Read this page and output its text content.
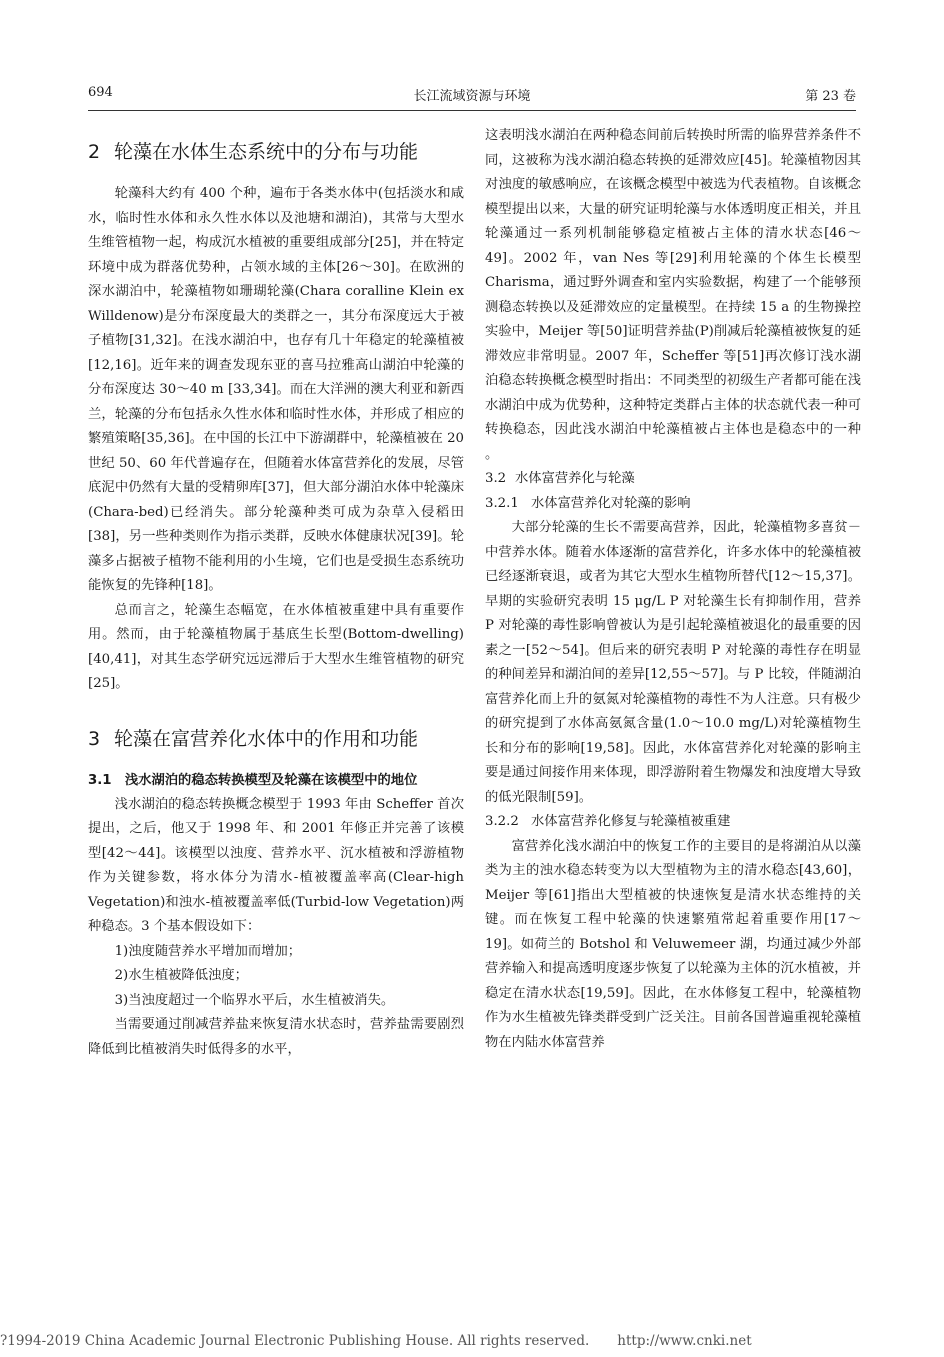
694	长江流域资源与环境	第 23 卷
2 轮藻在水体生态系统中的分布与功能

轮藻科大约有 400 个种，遍布于各类水体中(包括淡水和咸水，临时性水体和永久性水体以及池塘和湖泊)，其常与大型水生维管植物一起，构成沉水植被的重要组成部分[25]，并在特定环境中成为群落优势种，占领水域的主体[26～30]。在欧洲的深水湖泊中，轮藻植物如珊瑚轮藻(Chara coralline Klein ex Willdenow)是分布深度最大的类群之一，其分布深度远大于被子植物[31,32]。在浅水湖泊中，也存有几十年稳定的轮藻植被[12,16]。近年来的调查发现东亚的喜马拉雅高山湖泊中轮藻的分布深度达 30～40 m [33,34]。而在大洋洲的澳大利亚和新西兰，轮藻的分布包括永久性水体和临时性水体，并形成了相应的繁殖策略[35,36]。在中国的长江中下游湖群中，轮藻植被在 20 世纪 50、60 年代普遍存在，但随着水体富营养化的发展，尽管底泥中仍然有大量的受精卵库[37]，但大部分湖泊水体中轮藻床(Chara-bed)已经消失。部分轮藻种类可成为杂草入侵稻田[38]，另一些种类则作为指示类群，反映水体健康状况[39]。轮藻多占据被子植物不能利用的小生境，它们也是受损生态系统功能恢复的先锋种[18]。

总而言之，轮藻生态幅宽，在水体植被重建中具有重要作用。然而，由于轮藻植物属于基底生长型(Bottom-dwelling)[40,41]，对其生态学研究远远滞后于大型水生维管植物的研究[25]。

3 轮藻在富营养化水体中的作用和功能
3.1　浅水湖泊的稳态转换模型及轮藻在该模型中的地位

浅水湖泊的稳态转换概念模型于 1993 年由 Scheffer 首次提出，之后，他又于 1998 年、和 2001 年修正并完善了该模型[42～44]。该模型以浊度、营养水平、沉水植被和浮游植物作为关键参数，将水体分为清水-植被覆盖率高(Clear-high Vegetation)和浊水-植被覆盖率低(Turbid-low Vegetation)两种稳态。3 个基本假设如下：

1)浊度随营养水平增加而增加；

2)水生植被降低浊度；

3)当浊度超过一个临界水平后，水生植被消失。

当需要通过削减营养盐来恢复清水状态时，营养盐需要剧烈降低到比植被消失时低得多的水平，

这表明浅水湖泊在两种稳态间前后转换时所需的临界营养条件不同，这被称为浅水湖泊稳态转换的延滞效应[45]。轮藻植物因其对浊度的敏感响应，在该概念模型中被选为代表植物。自该概念模型提出以来，大量的研究证明轮藻与水体透明度正相关，并且轮藻通过一系列机制能够稳定植被占主体的清水状态[46～49]。2002 年，van Nes 等[29]利用轮藻的个体生长模型 Charisma，通过野外调查和室内实验数据，构建了一个能够预测稳态转换以及延滞效应的定量模型。在持续 15 a 的生物操控实验中，Meijer 等[50]证明营养盐(P)削减后轮藻植被恢复的延滞效应非常明显。2007 年，Scheffer 等[51]再次修订浅水湖泊稳态转换概念模型时指出：不同类型的初级生产者都可能在浅水湖泊中成为优势种，这种特定类群占主体的状态就代表一种可转换稳态，因此浅水湖泊中轮藻植被占主体也是稳态中的一种 。

3.2 水体富营养化与轮藻
3.2.1 水体富营养化对轮藻的影响

大部分轮藻的生长不需要高营养，因此，轮藻植物多喜贫－中营养水体。随着水体逐渐的富营养化，许多水体中的轮藻植被已经逐渐衰退，或者为其它大型水生植物所替代[12～15,37]。早期的实验研究表明 15 μg/L P 对轮藻生长有抑制作用，营养 P 对轮藻的毒性影响曾被认为是引起轮藻植被退化的最重要的因素之一[52～54]。但后来的研究表明 P 对轮藻的毒性存在明显的种间差异和湖泊间的差异[12,55～57]。与 P 比较，伴随湖泊富营养化而上升的氨氮对轮藻植物的毒性不为人注意。只有极少的研究提到了水体高氨氮含量(1.0～10.0 mg/L)对轮藻植物生长和分布的影响[19,58]。因此，水体富营养化对轮藻的影响主要是通过间接作用来体现，即浮游附着生物爆发和浊度增大导致的低光限制[59]。

3.2.2 水体富营养化修复与轮藻植被重建

富营养化浅水湖泊中的恢复工作的主要目的是将湖泊从以藻类为主的浊水稳态转变为以大型植物为主的清水稳态[43,60]，Meijer 等[61]指出大型植被的快速恢复是清水状态维持的关键。而在恢复工程中轮藻的快速繁殖常起着重要作用[17～19]。如荷兰的 Botshol 和 Veluwemeer 湖，均通过减少外部营养输入和提高透明度逐步恢复了以轮藻为主体的沉水植被，并稳定在清水状态[19,59]。因此，在水体修复工程中，轮藻植物作为水生植被先锋类群受到广泛关注。目前各国普遍重视轮藻植物在内陆水体富营养

?1994-2019 China Academic Journal Electronic Publishing House. All rights reserved. http://www.cnki.net
